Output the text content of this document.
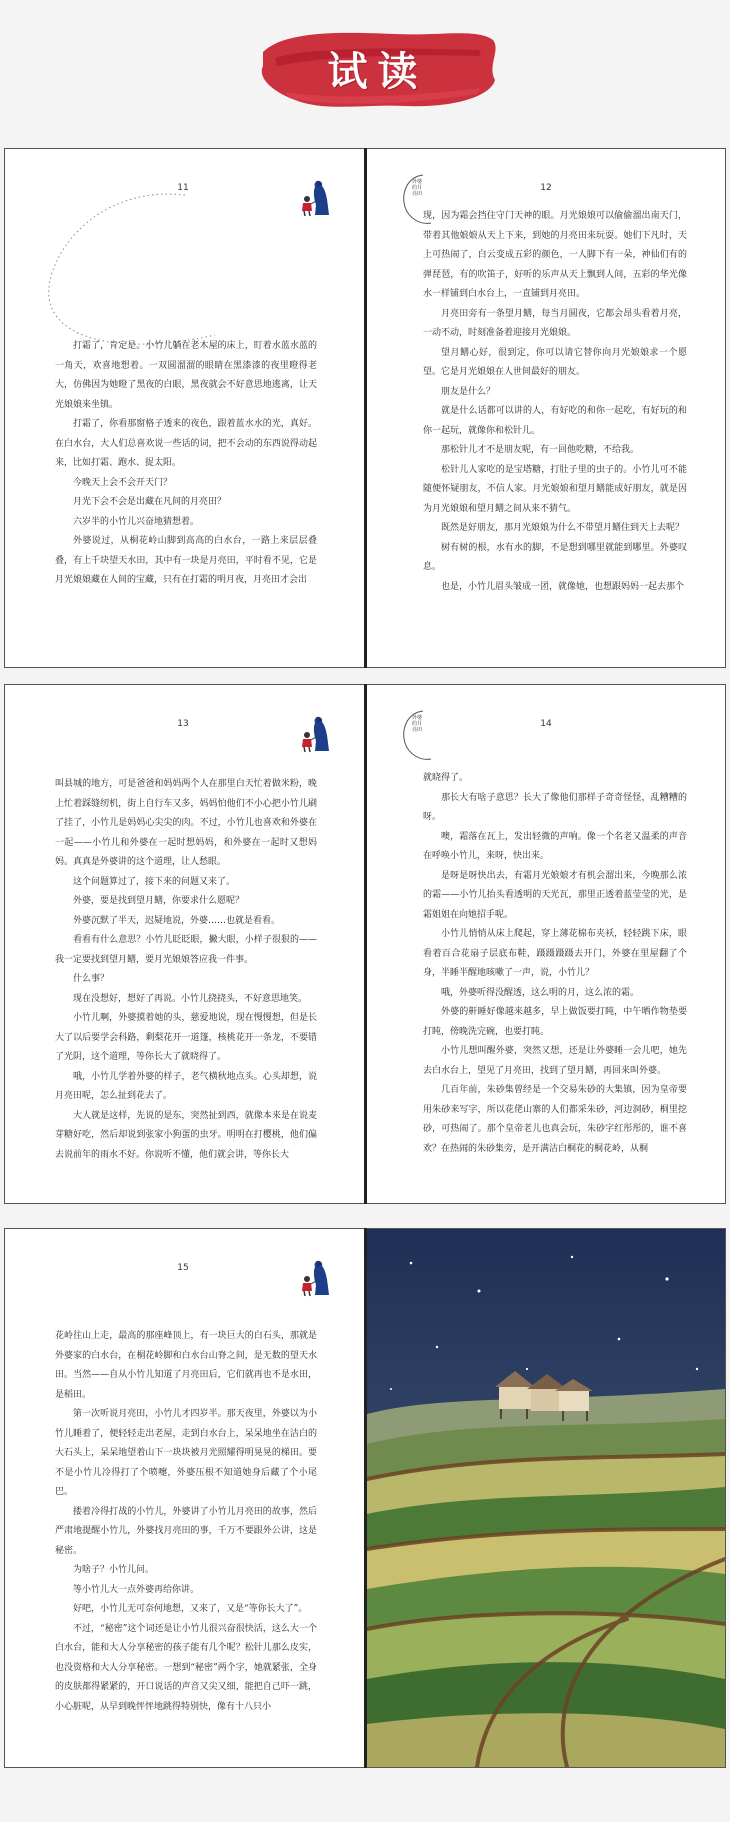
试读
11

打霜了，肯定是。小竹儿躺在老木屋的床上，盯着水蓝水蓝的一角天，欢喜地想着。一双圆溜溜的眼睛在黑漆漆的夜里瞪得老大，仿佛因为她瞪了黑夜的白眼，黑夜就会不好意思地逃离，让天光娘娘来坐镇。

打霜了，你看那窗格子透来的夜色，跟着蓝水水的光，真好。在白水台，大人们总喜欢说一些话的词，把不会动的东西说得动起来，比如打霜、跑水、捉太阳。

今晚天上会不会开天门？

月光下会不会是出藏在凡间的月亮田？

六岁半的小竹儿兴奋地猜想着。

外婆说过，从桐花岭山脚到高高的白水台，一路上来层层叠叠，有上千块望天水田，其中有一块是月亮田，平时看不见，它是月光娘娘藏在人间的宝藏，只有在打霜的明月夜，月亮田才会出

外婆的月亮田
12

现，因为霜会挡住守门天神的眼。月光娘娘可以偷偷溜出南天门，带着其他娘娘从天上下来，到她的月亮田来玩耍。她们下凡时，天上可热闹了，白云变成五彩的颜色，一人脚下有一朵，神仙们有的弹琵琶，有的吹笛子，好听的乐声从天上飘到人间，五彩的华光像水一样铺到白水台上，一直铺到月亮田。

月亮田旁有一条望月鳝，每当月圆夜，它都会昂头看着月亮，一动不动，时刻准备着迎接月光娘娘。

望月鳝心好，很到定，你可以请它替你向月光娘娘求一个愿望。它是月光娘娘在人世间最好的朋友。

朋友是什么？

就是什么话都可以讲的人，有好吃的和你一起吃，有好玩的和你一起玩，就像你和松针儿。

那松针儿才不是朋友呢，有一回他吃糖，不给我。

松针儿人家吃的是宝塔糖，打肚子里的虫子的。小竹儿可不能随便怀疑朋友，不信人家。月光娘娘和望月鳝能成好朋友，就是因为月光娘娘和望月鳝之间从来不猜气。

既然是好朋友，那月光娘娘为什么不带望月鳝住到天上去呢？

树有树的根，水有水的脚，不是想到哪里就能到哪里。外婆叹息。

也是，小竹儿眉头皱成一团，就像她，也想跟妈妈一起去那个

13

叫县城的地方，可是爸爸和妈妈两个人在那里白天忙着做米粉，晚上忙着踩缝纫机，街上自行车又多，妈妈怕他们不小心把小竹儿刷了挂了，小竹儿是妈妈心尖尖的肉。不过，小竹儿也喜欢和外婆在一起——小竹儿和外婆在一起时想妈妈，和外婆在一起时又想妈妈。真真是外婆讲的这个道理，让人愁眼。

这个问题算过了，接下来的问题又来了。

外婆，要是找到望月鳝，你要求什么愿呢？

外婆沉默了半天，迟疑地说，外婆……也就是看看。

看看有什么意思？小竹儿眨眨眼，撇大眼，小样子很狠的——我一定要找到望月鳝，要月光娘娘答应我一件事。

什么事？

现在没想好，想好了再说。小竹儿挠挠头，不好意思地笑。

小竹儿啊，外婆摸着她的头，慈爱地说，现在慢慢想，但是长大了以后要学会科路，剩梨花开一道篷，核桃花开一条龙，不要错了光阴，这个道理，等你长大了就晓得了。

哦，小竹儿学着外婆的样子，老气横秋地点头。心头却想，说月亮田呢，怎么扯到花去了。

大人就是这样，先说的是东，突然扯到西，就像本来是在说麦芽糖好吃，然后却说到张家小狗蛋的虫牙。明明在打樱桃，他们偏去说前年的雨水不好。你说听不懂，他们就会讲，等你长大

外婆的月亮田
14

就晓得了。

那长大有啥子意思？长大了像他们那样子奇奇怪怪，乱糟糟的呀。

噢，霜落在瓦上，发出轻微的声响。像一个名老又温柔的声音在呼唤小竹儿，来呀，快出来。

是呀是呀快出去，有霜月光娘娘才有机会溜出来，今晚那么浓的霜——小竹儿抬头看透明的天光瓦，那里正透着蓝莹莹的光，是霜姐姐在向她招手呢。

小竹儿悄悄从床上爬起，穿上薄花棉布夹袄，轻轻跳下床，眼看着百合花扇子层底布鞋，蹑蹑蹑蹑去开门，外婆在里屋翻了个身，半睡半醒地咳嗽了一声，说，小竹儿？

哦，外婆听得没醒透，这么明的月，这么浓的霜。

外婆的鼾睡好像越来越多，早上做饭要打盹，中午晒作物垫要打盹，傍晚洗完碗，也要打盹。

小竹儿想叫醒外婆，突然又想，还是让外婆睡一会儿吧，她先去白水台上，望见了月亮田，找到了望月鳝，再回来叫外婆。

几百年前，朱砂集曾经是一个交易朱砂的大集镇，因为皇帝要用朱砂来写字，所以花佬山寨的人们都采朱砂，河边洞砂，桐里挖砂，可热闹了。那个皇帝老儿也真会玩，朱砂字红彤彤的，谁不喜欢？在热闹的朱砂集旁，是开满洁白桐花的桐花岭，从桐

15

花岭往山上走，最高的那座峰顶上，有一块巨大的白石头，那就是外婆家的白水台，在桐花岭脚和白水台山脊之间，是无数的望天水田。当然——自从小竹儿知道了月亮田后，它们就再也不是水田，是稻田。

第一次听说月亮田，小竹儿才四岁半。那天夜里，外婆以为小竹儿睡着了，便轻轻走出老屋，走到白水台上，呆呆地坐在洁白的大石头上，呆呆地望着山下一块块被月光照耀得明晃晃的梯田。要不是小竹儿冷得打了个喷嚏，外婆压根不知道她身后藏了个小尾巴。

搂着冷得打战的小竹儿，外婆讲了小竹儿月亮田的故事，然后严肃地提醒小竹儿，外婆找月亮田的事，千万不要跟外公讲，这是秘密。

为啥子？小竹儿问。

等小竹儿大一点外婆再给你讲。

好吧，小竹儿无可奈何地想，又来了，又是“等你长大了”。

不过，“秘密”这个词还是让小竹儿很兴奋很快活，这么大一个白水台，能和大人分享秘密的孩子能有几个呢？松针儿那么皮实，也没资格和大人分享秘密。一想到“秘密”两个字，她就紧张，全身的皮肤都得紧紧的，开口说话的声音又尖又细，能把自己吓一跳，小心脏呢，从早到晚怦怦地跳得特别快，像有十八只小
